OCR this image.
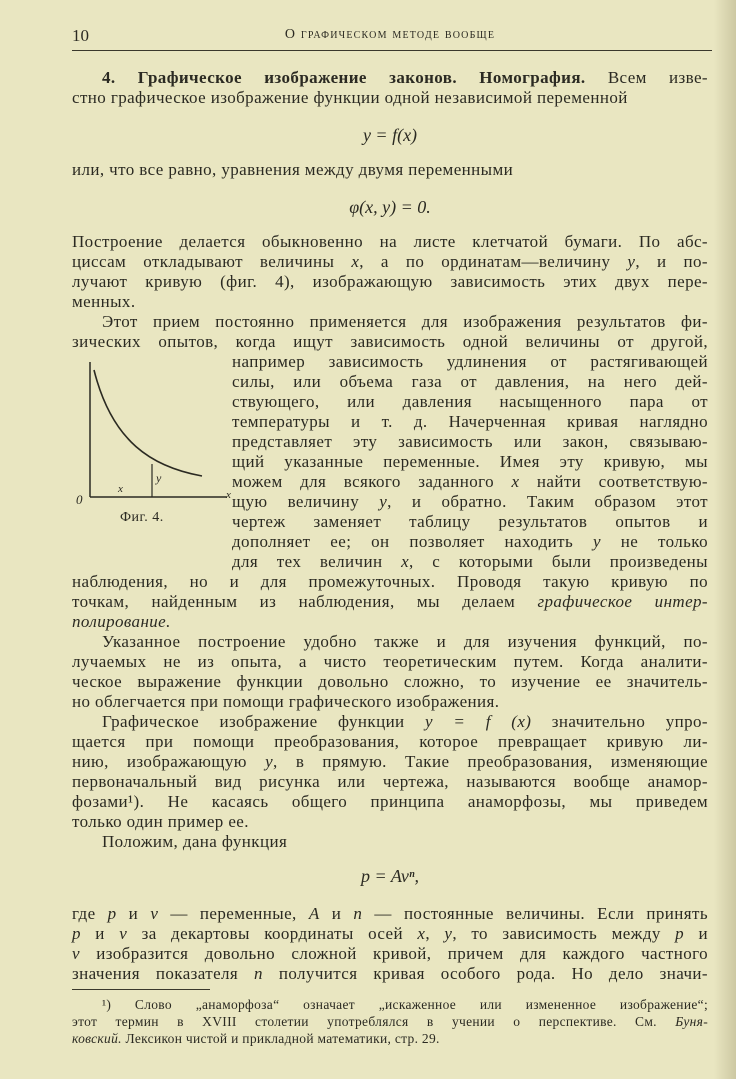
10	О графическом методе вообще
4. Графическое изображение законов. Номография. Всем изве-
стно графическое изображение функции одной независимой переменной
y = f(x)
или, что все равно, уравнения между двумя переменными
φ(x, y) = 0.
Построение делается обыкновенно на листе клетчатой бумаги. По абс-
циссам откладывают величины x, а по ординатам—величину y, и по-
лучают кривую (фиг. 4), изображающую зависимость этих двух пере-
менных.
Этот прием постоянно применяется для изображения результатов фи-
зических опытов, когда ищут зависимость одной величины от другой,
например зависимость удлинения от растягивающей
силы, или объема газа от давления, на него дей-
ствующего, или давления насыщенного пара от
температуры и т. д. Начерченная кривая наглядно
представляет эту зависимость или закон, связываю-
щий указанные переменные. Имея эту кривую, мы
можем для всякого заданного x найти соответствую-
щую величину y, и обратно. Таким образом этот
чертеж заменяет таблицу результатов опытов и
дополняет ее; он позволяет находить y не только
для тех величин x, с которыми были произведены
наблюдения, но и для промежуточных. Проводя такую кривую по
точкам, найденным из наблюдения, мы делаем графическое интер-
полирование.
0	x
x
y
Фиг. 4.
Указанное построение удобно также и для изучения функций, по-
лучаемых не из опыта, а чисто теоретическим путем. Когда аналити-
ческое выражение функции довольно сложно, то изучение ее значитель-
но облегчается при помощи графического изображения.
Графическое изображение функции y = f (x) значительно упро-
щается при помощи преобразования, которое превращает кривую ли-
нию, изображающую y, в прямую. Такие преобразования, изменяющие
первоначальный вид рисунка или чертежа, называются вообще анамор-
фозами¹). Не касаясь общего принципа анаморфозы, мы приведем
только один пример ее.
Положим, дана функция
p = Avⁿ,
где p и v — переменные, A и n — постоянные величины. Если принять
p и v за декартовы координаты осей x, y, то зависимость между p и
v изобразится довольно сложной кривой, причем для каждого частного
значения показателя n получится кривая особого рода. Но дело значи-
¹) Слово „анаморфоза“ означает „искаженное или измененное изображение“;
этот термин в XVIII столетии употреблялся в учении о перспективе. См. Буня-
ковский. Лексикон чистой и прикладной математики, стр. 29.
